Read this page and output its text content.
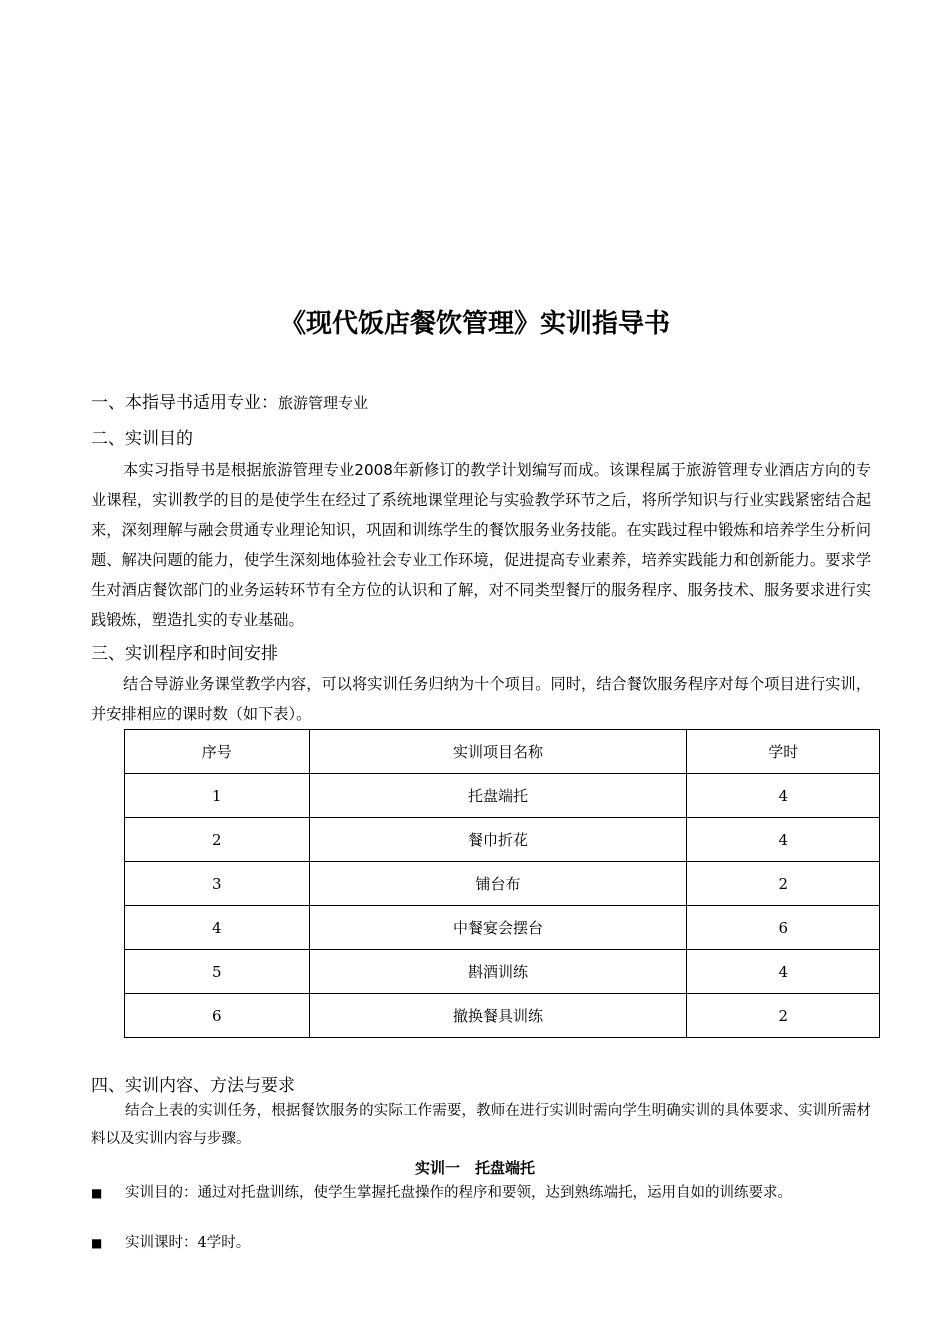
《现代饭店餐饮管理》实训指导书
一、本指导书适用专业：旅游管理专业
二、实训目的
本实习指导书是根据旅游管理专业2008年新修订的教学计划编写而成。该课程属于旅游管理专业酒店方向的专业课程，实训教学的目的是使学生在经过了系统地课堂理论与实验教学环节之后，将所学知识与行业实践紧密结合起来，深刻理解与融会贯通专业理论知识，巩固和训练学生的餐饮服务业务技能。在实践过程中锻炼和培养学生分析问题、解决问题的能力，使学生深刻地体验社会专业工作环境，促进提高专业素养，培养实践能力和创新能力。要求学生对酒店餐饮部门的业务运转环节有全方位的认识和了解，对不同类型餐厅的服务程序、服务技术、服务要求进行实践锻炼，塑造扎实的专业基础。
三、实训程序和时间安排
结合导游业务课堂教学内容，可以将实训任务归纳为十个项目。同时，结合餐饮服务程序对每个项目进行实训，并安排相应的课时数（如下表）。
序号	实训项目名称	学时
1	托盘端托	4
2	餐巾折花	4
3	铺台布	2
4	中餐宴会摆台	6
5	斟酒训练	4
6	撤换餐具训练	2
四、实训内容、方法与要求
结合上表的实训任务，根据餐饮服务的实际工作需要，教师在进行实训时需向学生明确实训的具体要求、实训所需材料以及实训内容与步骤。
实训一　托盘端托
■ 实训目的：通过对托盘训练，使学生掌握托盘操作的程序和要领，达到熟练端托，运用自如的训练要求。
■ 实训课时：4学时。
